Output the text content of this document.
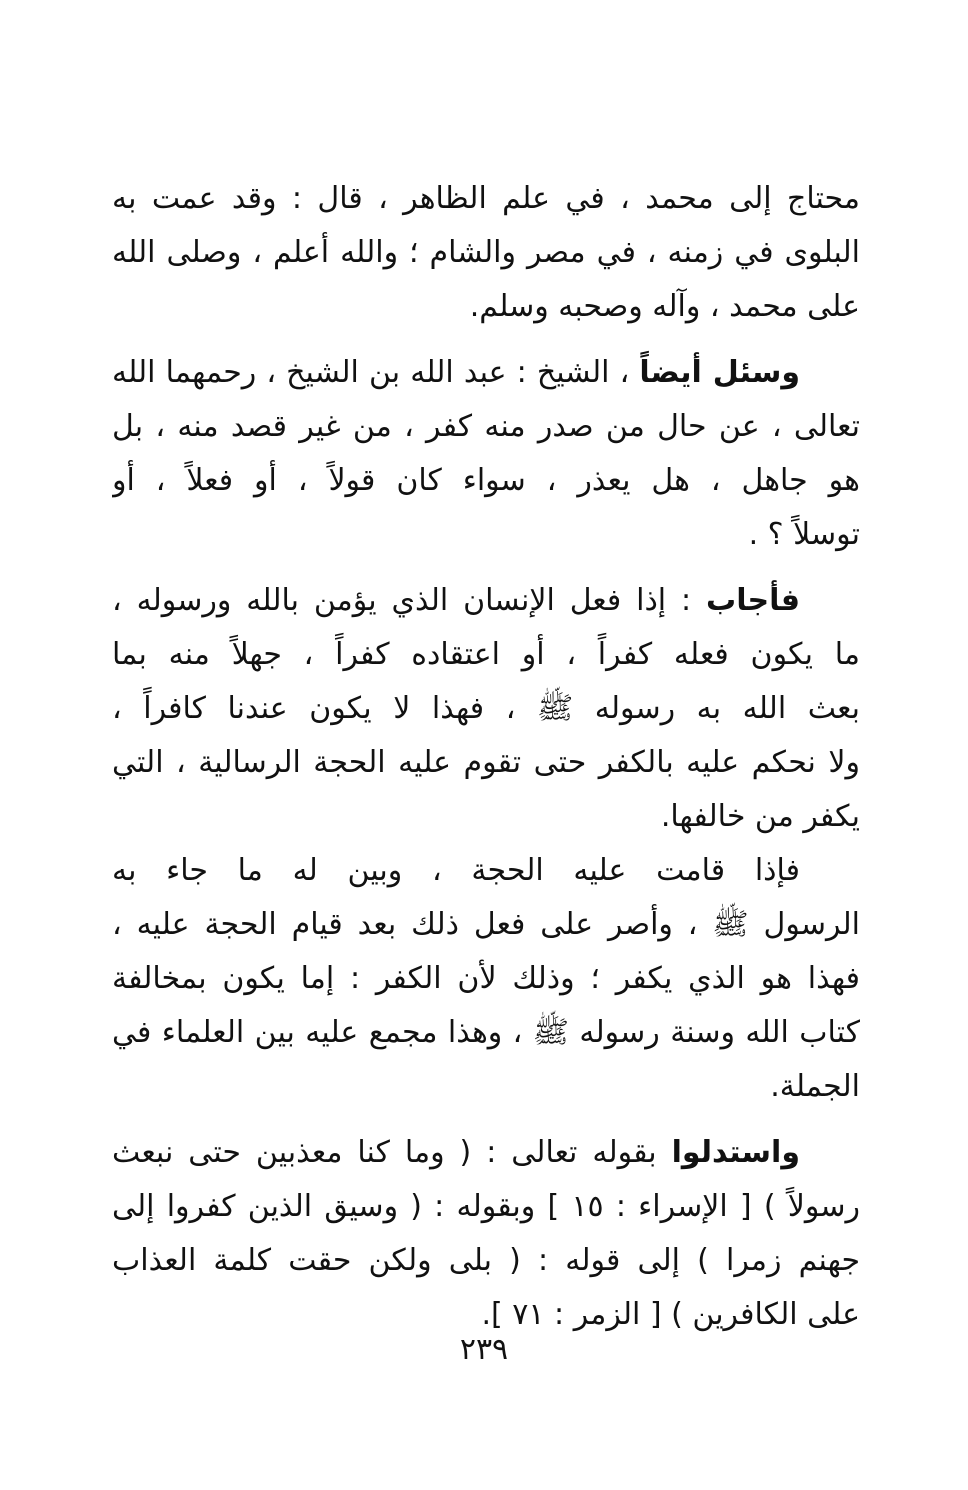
محتاج إلى محمد ، في علم الظاهر ، قال : وقد عمت به
البلوى في زمنه ، في مصر والشام ؛ والله أعلم ، وصلى الله
على محمد ، وآله وصحبه وسلم.
وسئل أيضاً ، الشيخ : عبد الله بن الشيخ ، رحمهما الله
تعالى ، عن حال من صدر منه كفر ، من غير قصد منه ، بل
هو جاهل ، هل يعذر ، سواء كان قولاً ، أو فعلاً ، أو
توسلاً ؟ .
فأجاب : إذا فعل الإنسان الذي يؤمن بالله ورسوله ،
ما يكون فعله كفراً ، أو اعتقاده كفراً ، جهلاً منه بما
بعث الله به رسوله ﷺ ، فهذا لا يكون عندنا كافراً ،
ولا نحكم عليه بالكفر حتى تقوم عليه الحجة الرسالية ، التي
يكفر من خالفها.
فإذا قامت عليه الحجة ، وبين له ما جاء به
الرسول ﷺ ، وأصر على فعل ذلك بعد قيام الحجة عليه ،
فهذا هو الذي يكفر ؛ وذلك لأن الكفر : إما يكون بمخالفة
كتاب الله وسنة رسوله ﷺ ، وهذا مجمع عليه بين العلماء في
الجملة.
واستدلوا بقوله تعالى : ( وما كنا معذبين حتى نبعث
رسولاً ) [ الإسراء : ١٥ ] وبقوله : ( وسيق الذين كفروا إلى
جهنم زمرا ) إلى قوله : ( بلى ولكن حقت كلمة العذاب
على الكافرين ) [ الزمر : ٧١ ].
٢٣٩
